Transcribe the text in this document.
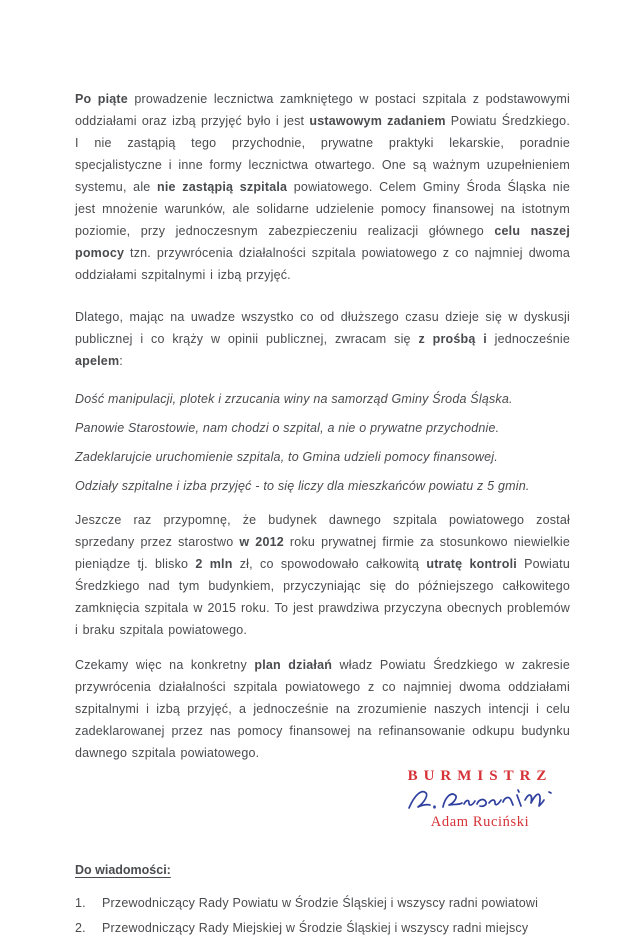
Po piąte prowadzenie lecznictwa zamkniętego w postaci szpitala z podstawowymi oddziałami oraz izbą przyjęć było i jest ustawowym zadaniem Powiatu Średzkiego. I nie zastąpią tego przychodnie, prywatne praktyki lekarskie, poradnie specjalistyczne i inne formy lecznictwa otwartego. One są ważnym uzupełnieniem systemu, ale nie zastąpią szpitala powiatowego. Celem Gminy Środa Śląska nie jest mnożenie warunków, ale solidarne udzielenie pomocy finansowej na istotnym poziomie, przy jednoczesnym zabezpieczeniu realizacji głównego celu naszej pomocy tzn. przywrócenia działalności szpitala powiatowego z co najmniej dwoma oddziałami szpitalnymi i izbą przyjęć.

Dlatego, mając na uwadze wszystko co od dłuższego czasu dzieje się w dyskusji publicznej i co krąży w opinii publicznej, zwracam się z prośbą i jednocześnie apelem:

Dość manipulacji, plotek i zrzucania winy na samorząd Gminy Środa Śląska.

Panowie Starostowie, nam chodzi o szpital, a nie o prywatne przychodnie.

Zadeklarujcie uruchomienie szpitala, to Gmina udzieli pomocy finansowej.

Odziały szpitalne i izba przyjęć - to się liczy dla mieszkańców powiatu z 5 gmin.

Jeszcze raz przypomnę, że budynek dawnego szpitala powiatowego został sprzedany przez starostwo w 2012 roku prywatnej firmie za stosunkowo niewielkie pieniądze tj. blisko 2 mln zł, co spowodowało całkowitą utratę kontroli Powiatu Średzkiego nad tym budynkiem, przyczyniając się do późniejszego całkowitego zamknięcia szpitala w 2015 roku. To jest prawdziwa przyczyna obecnych problemów i braku szpitala powiatowego.

Czekamy więc na konkretny plan działań władz Powiatu Średzkiego w zakresie przywrócenia działalności szpitala powiatowego z co najmniej dwoma oddziałami szpitalnymi i izbą przyjęć, a jednocześnie na zrozumienie naszych intencji i celu zadeklarowanej przez nas pomocy finansowej na refinansowanie odkupu budynku dawnego szpitala powiatowego.

BURMISTRZ
Adam Ruciński
Do wiadomości:
1.	Przewodniczący Rady Powiatu w Środzie Śląskiej i wszyscy radni powiatowi
2.	Przewodniczący Rady Miejskiej w Środzie Śląskiej i wszyscy radni miejscy
